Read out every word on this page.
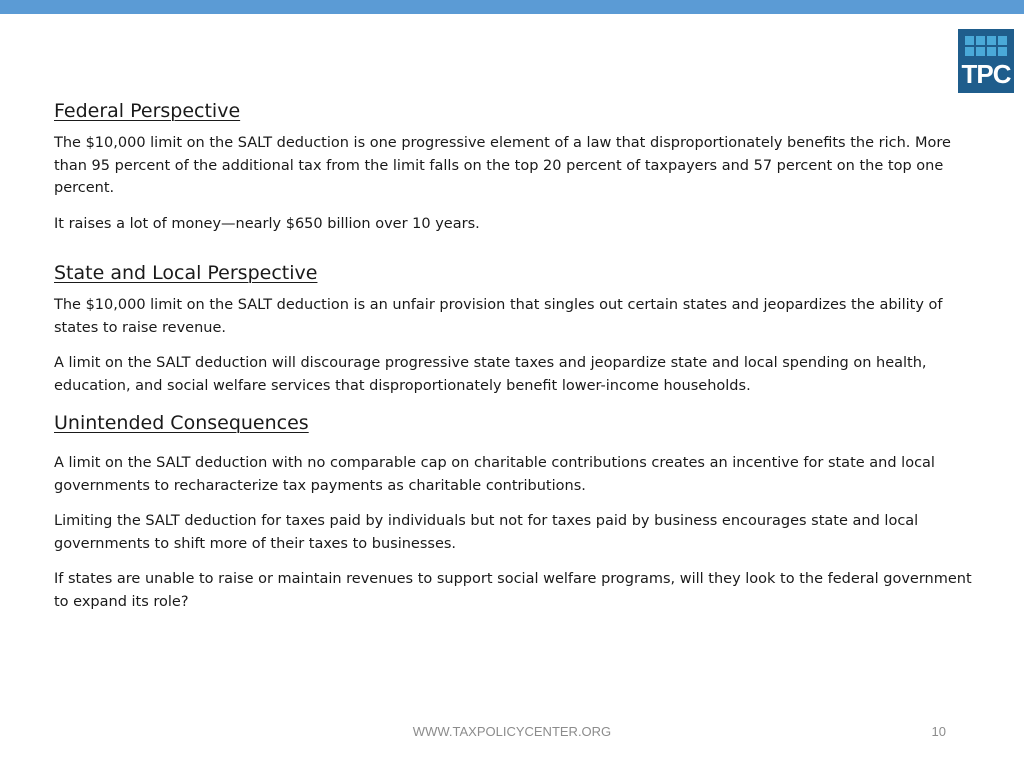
TPC
Federal Perspective

The $10,000 limit on the SALT deduction is one progressive element of a law that disproportionately benefits the rich. More than 95 percent of the additional tax from the limit falls on the top 20 percent of taxpayers and 57 percent on the top one percent.

It raises a lot of money—nearly $650 billion over 10 years.

State and Local Perspective

The $10,000 limit on the SALT deduction is an unfair provision that singles out certain states and jeopardizes the ability of states to raise revenue.

A limit on the SALT deduction will discourage progressive state taxes and jeopardize state and local spending on health, education, and social welfare services that disproportionately benefit lower-income households.

Unintended Consequences

A limit on the SALT deduction with no comparable cap on charitable contributions creates an incentive for state and local governments to recharacterize tax payments as charitable contributions.

Limiting the SALT deduction for taxes paid by individuals but not for taxes paid by business encourages state and local governments to shift more of their taxes to businesses.

If states are unable to raise or maintain revenues to support social welfare programs, will they look to the federal government to expand its role?

WWW.TAXPOLICYCENTER.ORG	10
